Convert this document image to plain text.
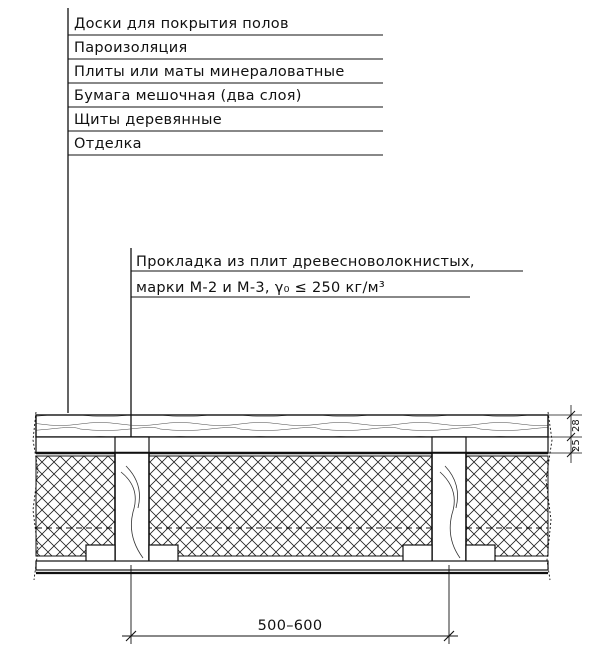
Доски для покрытия полов
Пароизоляция
Плиты или маты минераловатные
Бумага мешочная (два слоя)
Щиты деревянные
Отделка
Прокладка из плит древесноволокнистых,
марки М-2 и М-3, γ₀ ≤ 250 кг/м³
28
25
500–600
